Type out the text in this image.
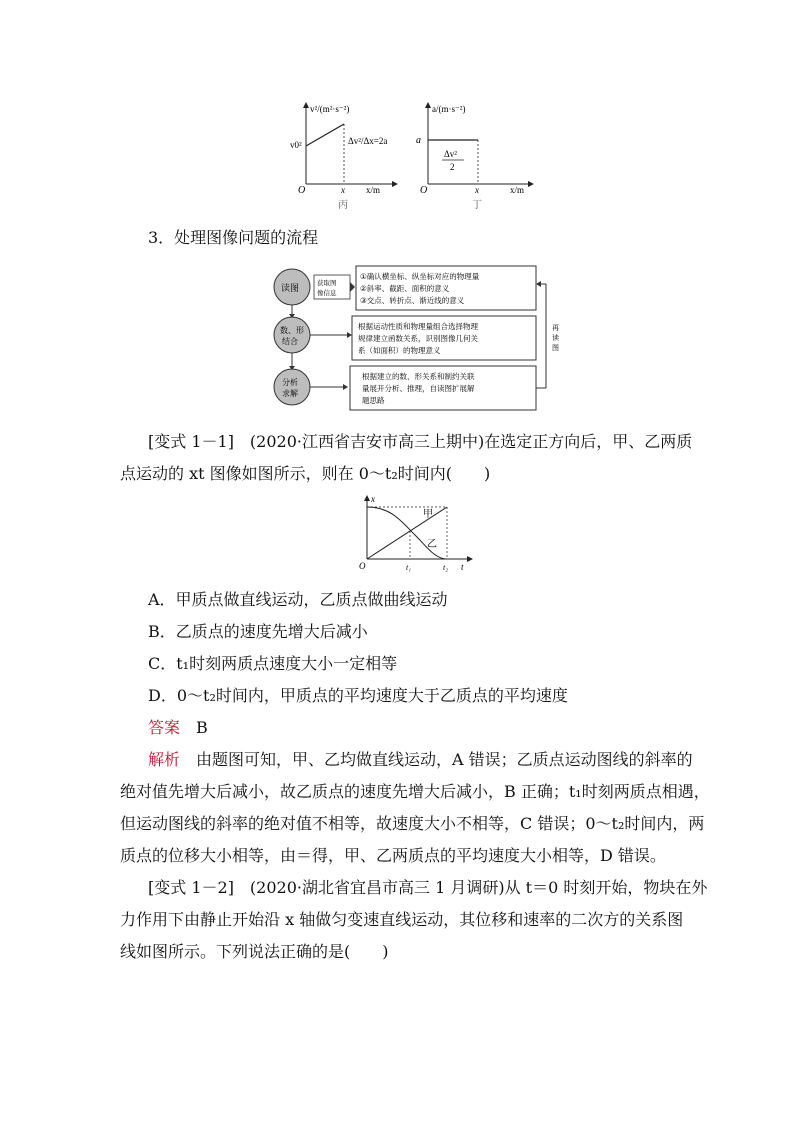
v²/(m²·s⁻²)
v0²	Δv²/Δx=2a
O	x x/m
丙
a/(m·s⁻²)
a
Δv²
2
O	x	x/m
丁
3．处理图像问题的流程
读图
数、形
结合
分析
求解
获取图
像信息
①确认横坐标、纵坐标对应的物理量
②斜率、截距、面积的意义
③交点、转折点、渐近线的意义
根据运动性质和物理量组合选择物理
规律建立函数关系，识别图像几何关
系（如面积）的物理意义
根据建立的数、形关系和制约关联
量展开分析、推理，自读图扩展解
题思路
再
读
图
[变式 1－1]　(2020·江西省吉安市高三上期中)在选定正方向后，甲、乙两质
点运动的 xt 图像如图所示，则在 0～t₂时间内(　　)
x
O	t₁	t₂ t
甲
乙
A．甲质点做直线运动，乙质点做曲线运动
B．乙质点的速度先增大后减小
C．t₁时刻两质点速度大小一定相等
D．0～t₂时间内，甲质点的平均速度大于乙质点的平均速度
答案　 B
解析　由题图可知，甲、乙均做直线运动，A 错误；乙质点运动图线的斜率的
绝对值先增大后减小，故乙质点的速度先增大后减小，B 正确；t₁时刻两质点相遇，
但运动图线的斜率的绝对值不相等，故速度大小不相等，C 错误；0～t₂时间内，两
质点的位移大小相等，由＝得，甲、乙两质点的平均速度大小相等，D 错误。
[变式 1－2]　(2020·湖北省宜昌市高三 1 月调研)从 t＝0 时刻开始，物块在外
力作用下由静止开始沿 x 轴做匀变速直线运动，其位移和速率的二次方的关系图
线如图所示。下列说法正确的是(　　)
